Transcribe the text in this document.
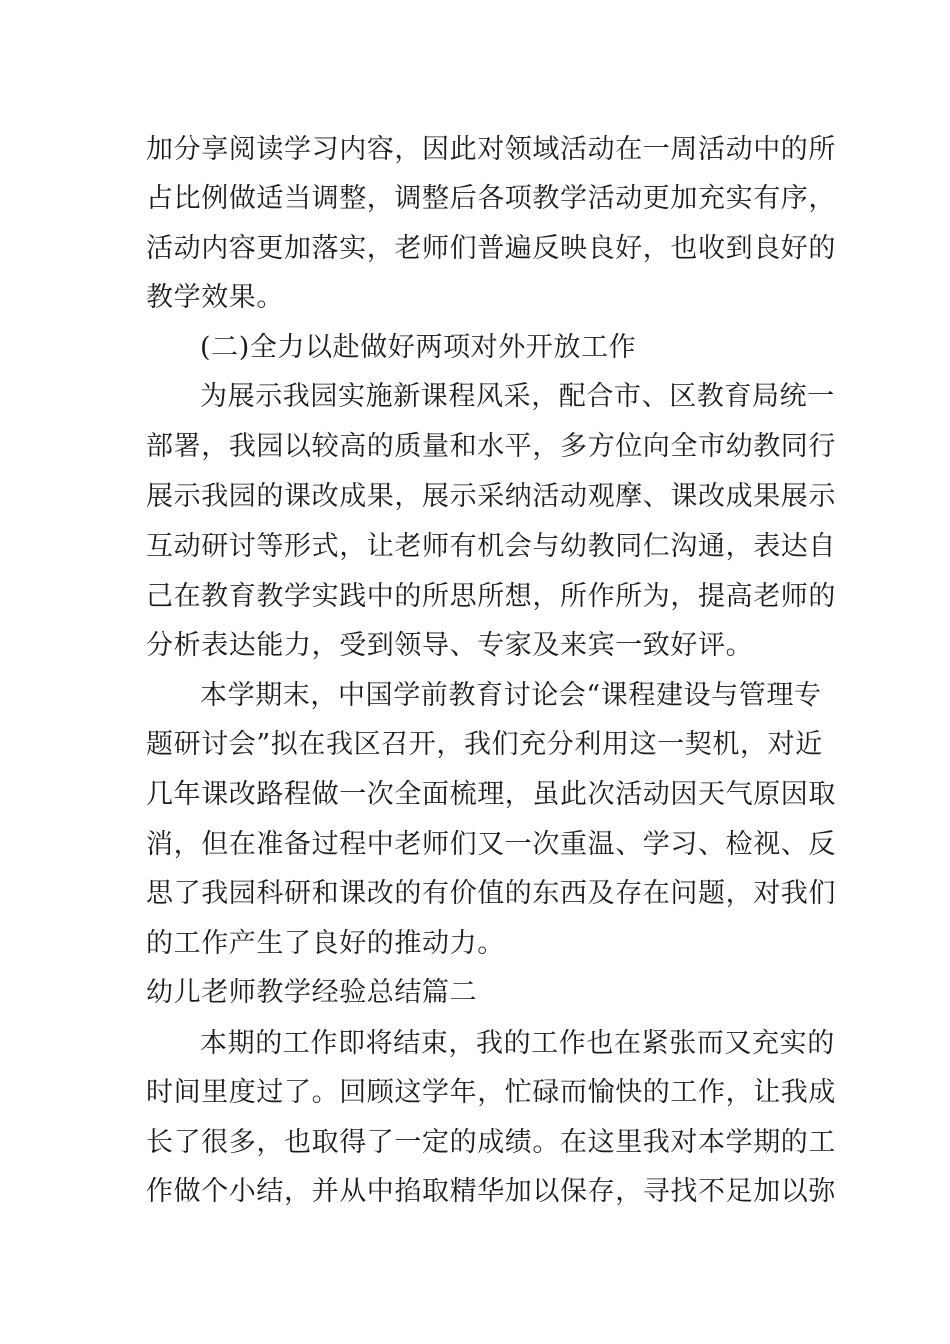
加分享阅读学习内容，因此对领域活动在一周活动中的所
占比例做适当调整，调整后各项教学活动更加充实有序，
活动内容更加落实，老师们普遍反映良好，也收到良好的
教学效果。
(二)全力以赴做好两项对外开放工作
为展示我园实施新课程风采，配合市、区教育局统一
部署，我园以较高的质量和水平，多方位向全市幼教同行
展示我园的课改成果，展示采纳活动观摩、课改成果展示
互动研讨等形式，让老师有机会与幼教同仁沟通，表达自
己在教育教学实践中的所思所想，所作所为，提高老师的
分析表达能力，受到领导、专家及来宾一致好评。
本学期末，中国学前教育讨论会“课程建设与管理专
题研讨会”拟在我区召开，我们充分利用这一契机，对近
几年课改路程做一次全面梳理，虽此次活动因天气原因取
消，但在准备过程中老师们又一次重温、学习、检视、反
思了我园科研和课改的有价值的东西及存在问题，对我们
的工作产生了良好的推动力。
幼儿老师教学经验总结篇二
本期的工作即将结束，我的工作也在紧张而又充实的
时间里度过了。回顾这学年，忙碌而愉快的工作，让我成
长了很多，也取得了一定的成绩。在这里我对本学期的工
作做个小结，并从中掐取精华加以保存，寻找不足加以弥
